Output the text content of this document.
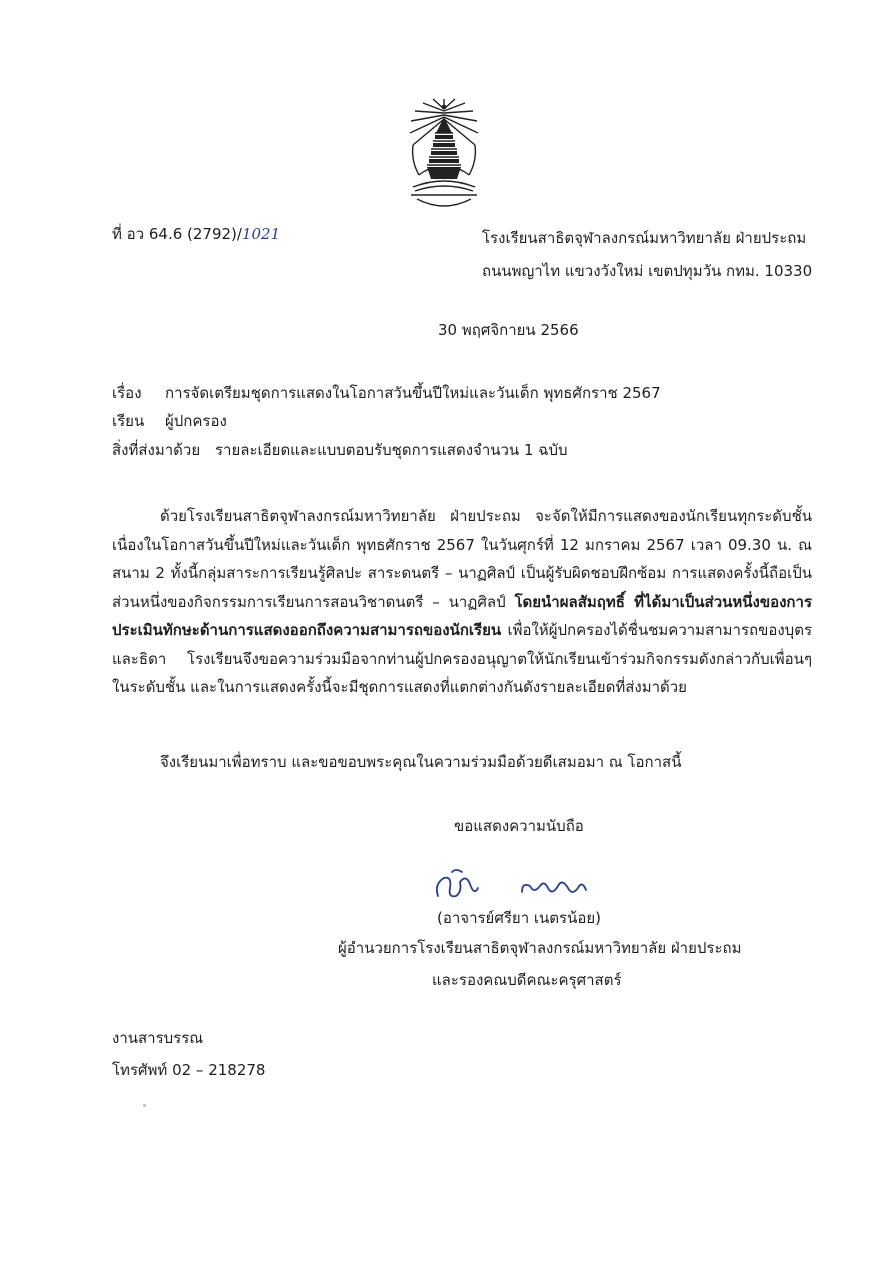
ที่ อว 64.6 (2792)/1021	โรงเรียนสาธิตจุฬาลงกรณ์มหาวิทยาลัย ฝ่ายประถม
ถนนพญาไท แขวงวังใหม่ เขตปทุมวัน กทม. 10330
30 พฤศจิกายน 2566
เรื่อง การจัดเตรียมชุดการแสดงในโอกาสวันขึ้นปีใหม่และวันเด็ก พุทธศักราช 2567
เรียน ผู้ปกครอง
สิ่งที่ส่งมาด้วย รายละเอียดและแบบตอบรับชุดการแสดงจำนวน 1 ฉบับ
ด้วยโรงเรียนสาธิตจุฬาลงกรณ์มหาวิทยาลัย ฝ่ายประถม จะจัดให้มีการแสดงของนักเรียนทุกระดับชั้นเนื่องในโอกาสวันขึ้นปีใหม่และวันเด็ก พุทธศักราช 2567 ในวันศุกร์ที่ 12 มกราคม 2567 เวลา 09.30 น. ณ สนาม 2 ทั้งนี้กลุ่มสาระการเรียนรู้ศิลปะ สาระดนตรี – นาฏศิลป์ เป็นผู้รับผิดชอบฝึกซ้อม การแสดงครั้งนี้ถือเป็นส่วนหนึ่งของกิจกรรมการเรียนการสอนวิชาดนตรี – นาฏศิลป์ โดยนำผลสัมฤทธิ์ ที่ได้มาเป็นส่วนหนึ่งของการประเมินทักษะด้านการแสดงออกถึงความสามารถของนักเรียน เพื่อให้ผู้ปกครองได้ชื่นชมความสามารถของบุตรและธิดา โรงเรียนจึงขอความร่วมมือจากท่านผู้ปกครองอนุญาตให้นักเรียนเข้าร่วมกิจกรรมดังกล่าวกับเพื่อนๆ ในระดับชั้น และในการแสดงครั้งนี้จะมีชุดการแสดงที่แตกต่างกันดังรายละเอียดที่ส่งมาด้วย
จึงเรียนมาเพื่อทราบ และขอขอบพระคุณในความร่วมมือด้วยดีเสมอมา ณ โอกาสนี้
ขอแสดงความนับถือ
(อาจารย์ศรียา เนตรน้อย)
ผู้อำนวยการโรงเรียนสาธิตจุฬาลงกรณ์มหาวิทยาลัย ฝ่ายประถม
และรองคณบดีคณะครุศาสตร์
งานสารบรรณ
โทรศัพท์ 02 – 218278
